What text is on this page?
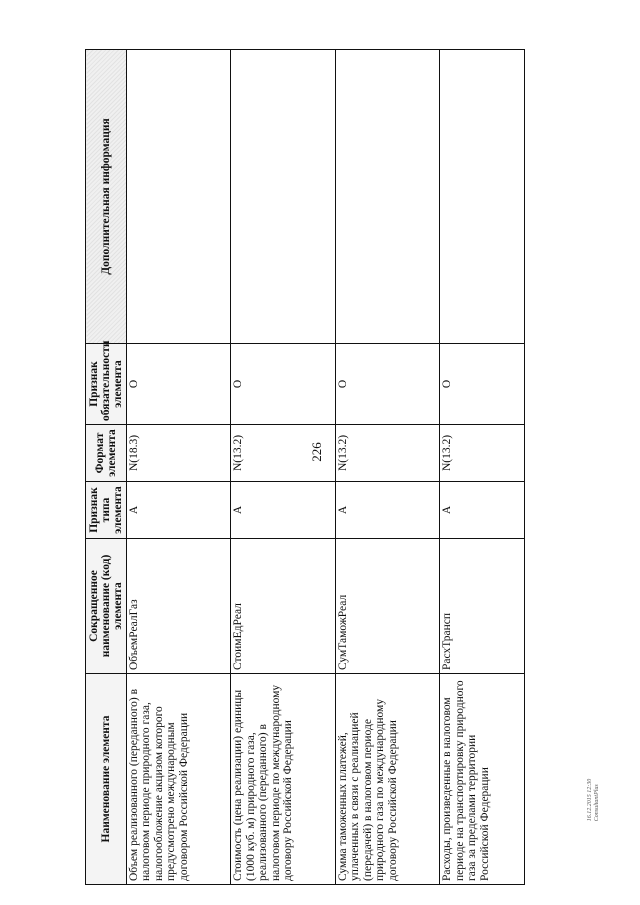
226
16.12.2015 12:30 ConsultantPlus
Наименование элемента	Сокращенное наименование (код) элемента	Признак типа элемента	Формат элемента	Признак обязательности элемента	Дополнительная информация
Объем реализованного (переданного) в налоговом периоде природного газа, налогообложение акцизом которого предусмотрено международным договором Российской Федерации	ОбъемРеалГаз	А	N(18.3)	О	
Стоимость (цена реализации) единицы (1000 куб. м) природного газа, реализованного (переданного) в налоговом периоде по международному договору Российской Федерации	СтоимЕдРеал	А	N(13.2)	О	
Сумма таможенных платежей, уплаченных в связи с реализацией (передачей) в налоговом периоде природного газа по международному договору Российской Федерации	СумТаможРеал	А	N(13.2)	О	
Расходы, произведенные в налоговом периоде на транспортировку природного газа за пределами территории Российской Федерации	РасхТрансп	А	N(13.2)	О	
